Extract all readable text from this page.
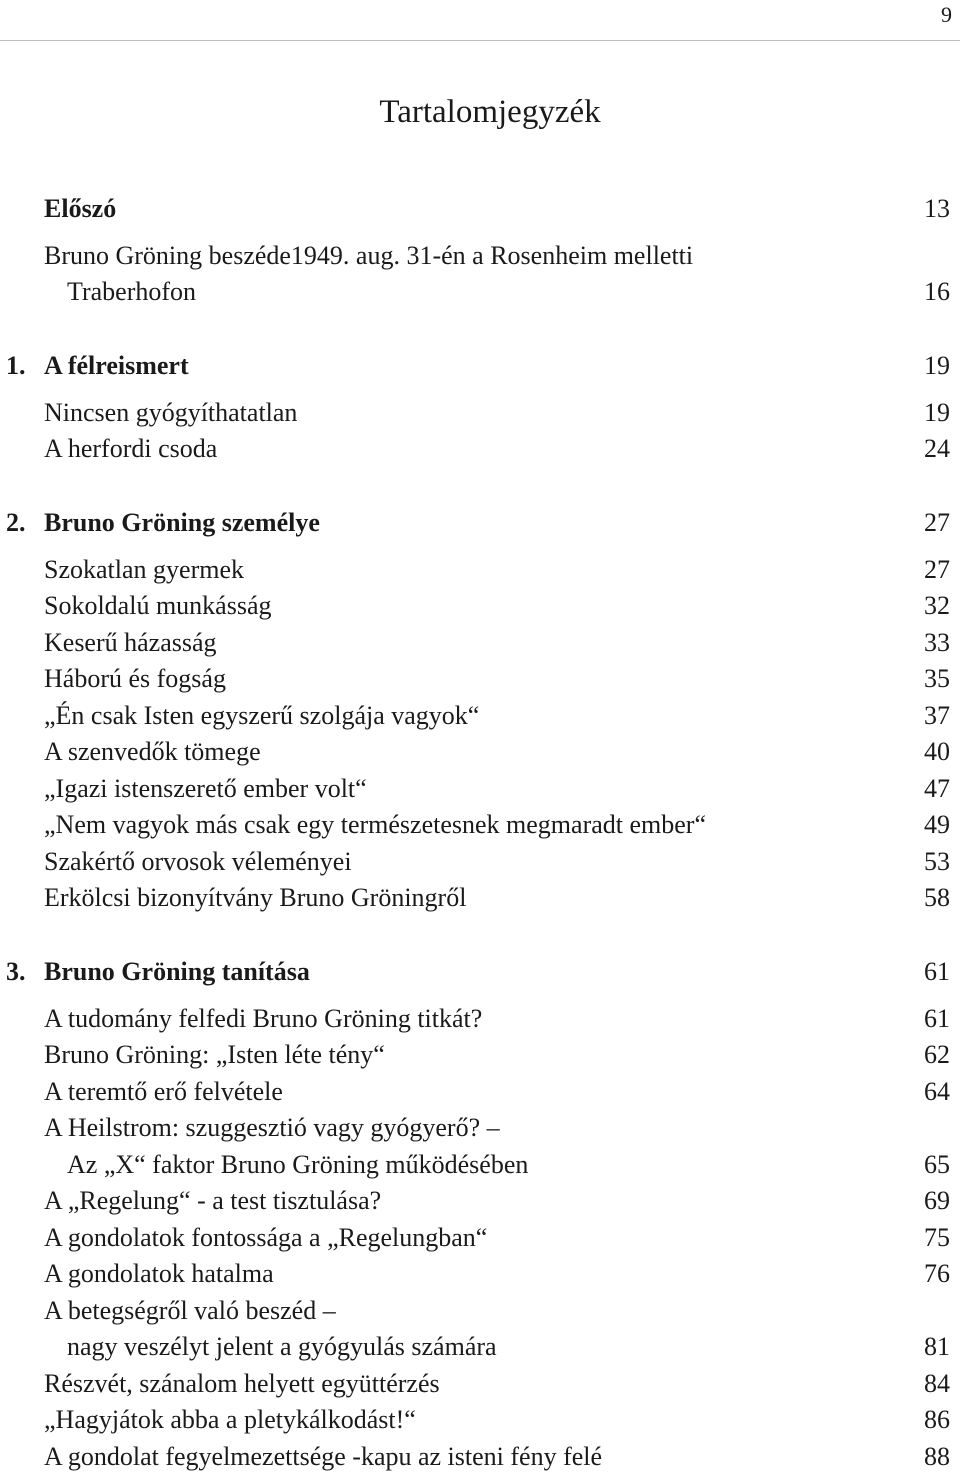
9
Tartalomjegyzék
Előszó	13
Bruno Gröning beszéde1949. aug. 31-én a Rosenheim melletti
Traberhofon	16
1. A félreismert	19
Nincsen gyógyíthatatlan	19
A herfordi csoda	24
2. Bruno Gröning személye	27
Szokatlan gyermek	27
Sokoldalú munkásság	32
Keserű házasság	33
Háború és fogság	35
„Én csak Isten egyszerű szolgája vagyok“	37
A szenvedők tömege	40
„Igazi istenszerető ember volt“	47
„Nem vagyok más csak egy természetesnek megmaradt ember“	49
Szakértő orvosok véleményei	53
Erkölcsi bizonyítvány Bruno Gröningről	58
3. Bruno Gröning tanítása	61
A tudomány felfedi Bruno Gröning titkát?	61
Bruno Gröning: „Isten léte tény“	62
A teremtő erő felvétele	64
A Heilstrom: szuggesztió vagy gyógyerő? –
Az „X“ faktor Bruno Gröning működésében	65
A „Regelung“ - a test tisztulása?	69
A gondolatok fontossága a „Regelungban“	75
A gondolatok hatalma	76
A betegségről való beszéd –
nagy veszélyt jelent a gyógyulás számára	81
Részvét, szánalom helyett együttérzés	84
„Hagyjátok abba a pletykálkodást!“	86
A gondolat fegyelmezettsége -kapu az isteni fény felé	88
